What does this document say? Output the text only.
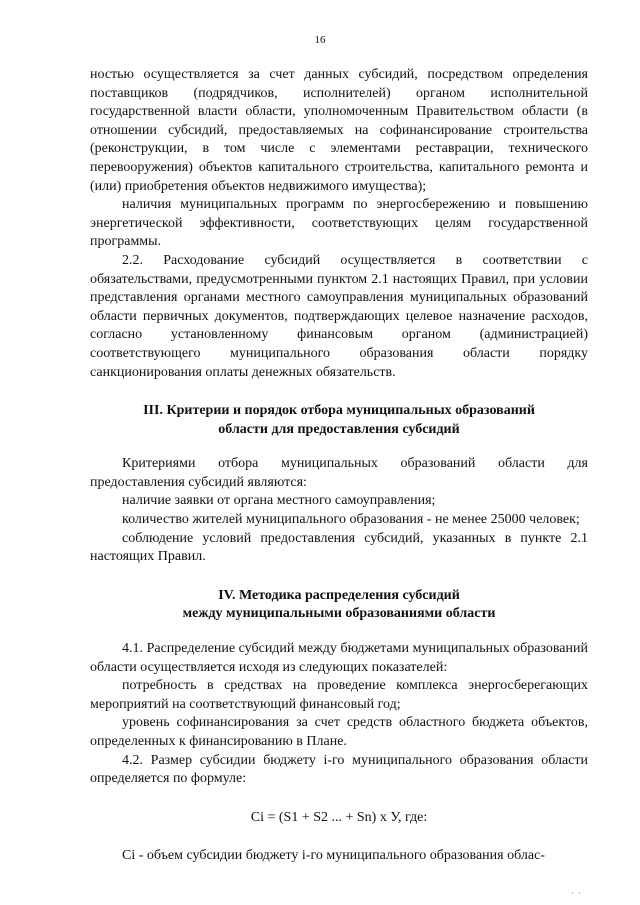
16

ностью осуществляется за счет данных субсидий, посредством определения поставщиков (подрядчиков, исполнителей) органом исполнительной государственной власти области, уполномоченным Правительством области (в отношении субсидий, предоставляемых на софинансирование строительства (реконструкции, в том числе с элементами реставрации, технического перевооружения) объектов капитального строительства, капитального ремонта и (или) приобретения объектов недвижимого имущества);

наличия муниципальных программ по энергосбережению и повышению энергетической эффективности, соответствующих целям государственной программы.

2.2. Расходование субсидий осуществляется в соответствии с обязательствами, предусмотренными пунктом 2.1 настоящих Правил, при условии представления органами местного самоуправления муниципальных образований области первичных документов, подтверждающих целевое назначение расходов, согласно установленному финансовым органом (администрацией) соответствующего муниципального образования области порядку санкционирования оплаты денежных обязательств.

III. Критерии и порядок отбора муниципальных образований
области для предоставления субсидий

Критериями отбора муниципальных образований области для предоставления субсидий являются:

наличие заявки от органа местного самоуправления;

количество жителей муниципального образования - не менее 25000 человек;

соблюдение условий предоставления субсидий, указанных в пункте 2.1 настоящих Правил.

IV. Методика распределения субсидий
между муниципальными образованиями области

4.1. Распределение субсидий между бюджетами муниципальных образований области осуществляется исходя из следующих показателей:

потребность в средствах на проведение комплекса энергосберегающих мероприятий на соответствующий финансовый год;

уровень софинансирования за счет средств областного бюджета объектов, определенных к финансированию в Плане.

4.2. Размер субсидии бюджету i-го муниципального образования области определяется по формуле:

Ci = (S1 + S2 ... + Sn) x У, где:

Ci - объем субсидии бюджету i-го муниципального образования облас-

' '
